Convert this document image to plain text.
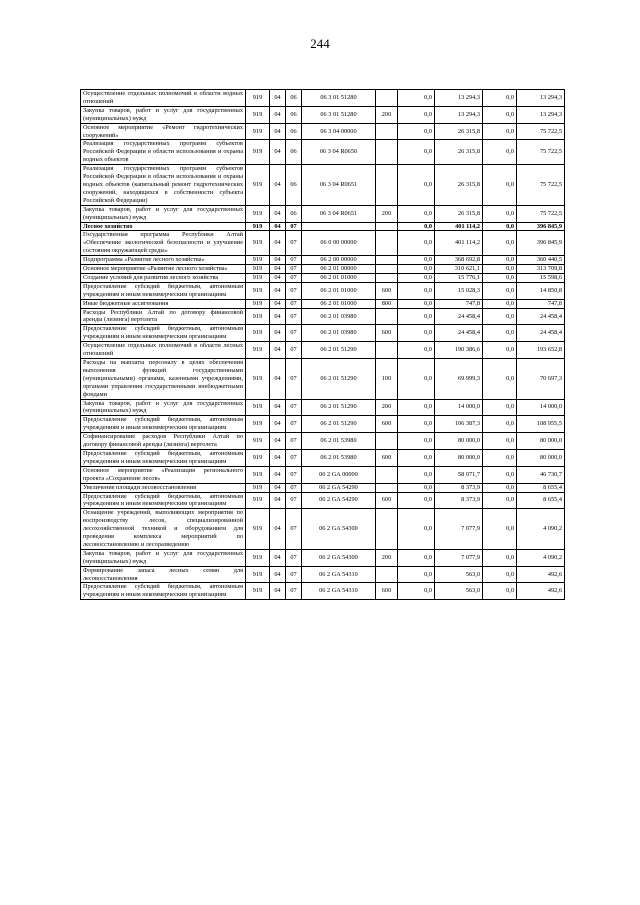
244
Осуществление отдельных полномочий в области водных отношений	919	04	06	06 3 01 51280		0,0	13 294,3	0,0	13 294,3
Закупка товаров, работ и услуг для государственных (муниципальных) нужд	919	04	06	06 3 01 51280	200	0,0	13 294,3	0,0	13 294,3
Основное мероприятие «Ремонт гидротехнических сооружений»	919	04	06	06 3 04 00000		0,0	26 315,8	0,0	75 722,5
Реализация государственных программ субъектов Российской Федерации в области использования и охраны водных объектов	919	04	06	06 3 04 R0650		0,0	26 315,8	0,0	75 722,5
Реализация государственных программ субъектов Российской Федерации в области использования и охраны водных объектов (капитальный ремонт гидротехнических сооружений, находящихся в собственности субъекта Российской Федерации)	919	04	06	06 3 04 R0651		0,0	26 315,8	0,0	75 722,5
Закупка товаров, работ и услуг для государственных (муниципальных) нужд	919	04	06	06 3 04 R0651	200	0,0	26 315,8	0,0	75 722,5
Лесное хозяйство	919	04	07			0,0	401 114,2	0,0	396 845,9
Государственная программа Республики Алтай «Обеспечение экологической безопасности и улучшение состояния окружающей среды»	919	04	07	06 0 00 00000		0,0	401 114,2	0,0	396 845,9
Подпрограмма «Развитие лесного хозяйства»	919	04	07	06 2 00 00000		0,0	368 692,8	0,0	360 440,5
Основное мероприятие «Развитие лесного хозяйства»	919	04	07	06 2 01 00000		0,0	310 621,1	0,0	313 709,8
Создание условий для развития лесного хозяйства	919	04	07	06 2 01 01000		0,0	15 776,1	0,0	15 598,6
Предоставление субсидий бюджетным, автономным учреждениям и иным некоммерческим организациям	919	04	07	06 2 01 01000	600	0,0	15 028,3	0,0	14 850,8
Иные бюджетные ассигнования	919	04	07	06 2 01 01000	800	0,0	747,8	0,0	747,8
Расходы Республики Алтай по договору финансовой аренды (лизинга) вертолета	919	04	07	06 2 01 03980		0,0	24 458,4	0,0	24 458,4
Предоставление субсидий бюджетным, автономным учреждениям и иным некоммерческим организациям	919	04	07	06 2 01 03980	600	0,0	24 458,4	0,0	24 458,4
Осуществление отдельных полномочий в области лесных отношений	919	04	07	06 2 01 51290		0,0	190 386,6	0,0	193 652,8
Расходы на выплаты персоналу в целях обеспечения выполнения функций государственными (муниципальными) органами, казенными учреждениями, органами управления государственными внебюджетными фондами	919	04	07	06 2 01 51290	100	0,0	69 999,3	0,0	70 697,3
Закупка товаров, работ и услуг для государственных (муниципальных) нужд	919	04	07	06 2 01 51290	200	0,0	14 000,0	0,0	14 000,0
Предоставление субсидий бюджетным, автономным учреждениям и иным некоммерческим организациям	919	04	07	06 2 01 51290	600	0,0	106 387,3	0,0	108 955,5
Софинансирование расходов Республики Алтай по договору финансовой аренды (лизинга) вертолета	919	04	07	06 2 01 53980		0,0	80 000,0	0,0	80 000,0
Предоставление субсидий бюджетным, автономным учреждениям и иным некоммерческим организациям	919	04	07	06 2 01 53980	600	0,0	80 000,0	0,0	80 000,0
Основное мероприятие «Реализация регионального проекта «Сохранение лесов»	919	04	07	06 2 GA 00000		0,0	58 071,7	0,0	46 730,7
Увеличение площади лесовосстановления	919	04	07	06 2 GA 54290		0,0	8 373,9	0,0	8 655,4
Предоставление субсидий бюджетным, автономным учреждениям и иным некоммерческим организациям	919	04	07	06 2 GA 54290	600	0,0	8 373,9	0,0	8 655,4
Оснащение учреждений, выполняющих мероприятия по воспроизводству лесов, специализированной лесохозяйственной техникой и оборудованием для проведения комплекса мероприятий по лесовосстановлению и лесоразведению	919	04	07	06 2 GA 54300		0,0	7 077,9	0,0	4 090,2
Закупка товаров, работ и услуг для государственных (муниципальных) нужд	919	04	07	06 2 GA 54300	200	0,0	7 077,9	0,0	4 090,2
Формирование запаса лесных семян для лесовосстановления	919	04	07	06 2 GA 54310		0,0	563,0	0,0	492,6
Предоставление субсидий бюджетным, автономным учреждениям и иным некоммерческим организациям	919	04	07	06 2 GA 54310	600	0,0	563,0	0,0	492,6
